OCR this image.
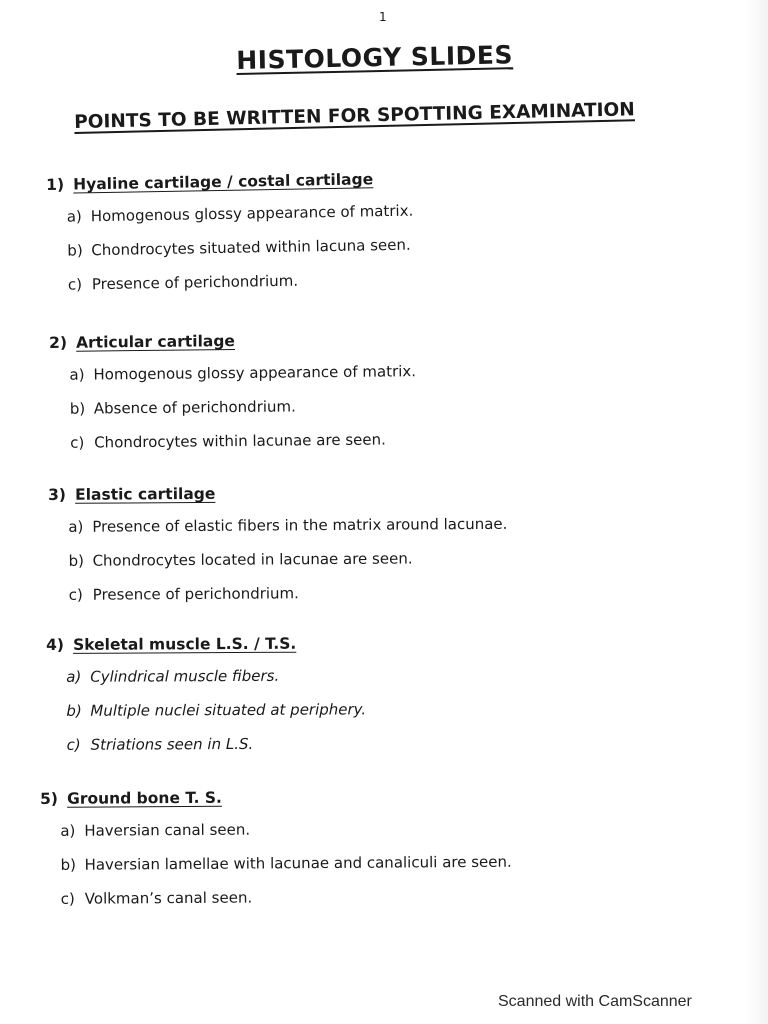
1
HISTOLOGY SLIDES
POINTS TO BE WRITTEN FOR SPOTTING EXAMINATION
1) Hyaline cartilage / costal cartilage
a) Homogenous glossy appearance of matrix.
b) Chondrocytes situated within lacuna seen.
c) Presence of perichondrium.
2) Articular cartilage
a) Homogenous glossy appearance of matrix.
b) Absence of perichondrium.
c) Chondrocytes within lacunae are seen.
3) Elastic cartilage
a) Presence of elastic fibers in the matrix around lacunae.
b) Chondrocytes located in lacunae are seen.
c) Presence of perichondrium.
4) Skeletal muscle L.S. / T.S.
a) Cylindrical muscle fibers.
b) Multiple nuclei situated at periphery.
c) Striations seen in L.S.
5) Ground bone T. S.
a) Haversian canal seen.
b) Haversian lamellae with lacunae and canaliculi are seen.
c) Volkman’s canal seen.
Scanned with CamScanner
